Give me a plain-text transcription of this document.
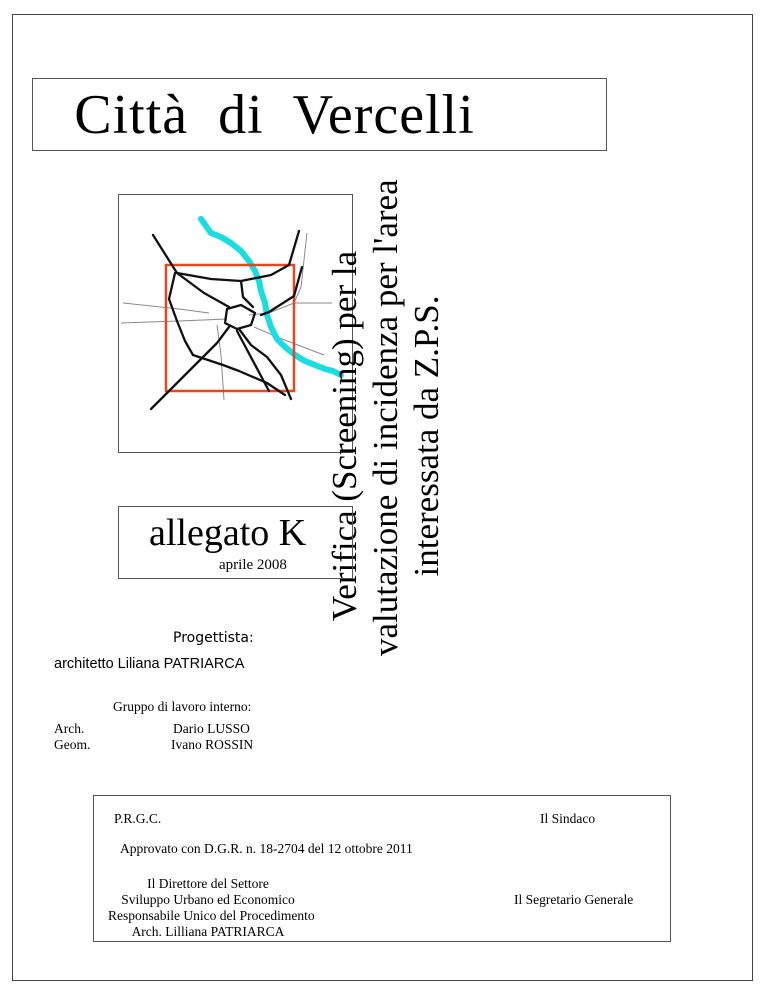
Città  di  Vercelli
Verifica (Screening) per la valutazione di incidenza per l'area interessata da Z.P.S.
allegato K
aprile 2008
Progettista:
architetto Liliana PATRIARCA
Gruppo di lavoro interno:
Arch.	Dario LUSSO
Geom.	Ivano ROSSIN
P.R.G.C.	Il Sindaco
Approvato con D.G.R. n. 18-2704 del 12 ottobre 2011
Il Direttore del Settore
Sviluppo Urbano ed Economico
Responsabile Unico del Procedimento
Arch. Lilliana PATRIARCA
Il Segretario Generale
